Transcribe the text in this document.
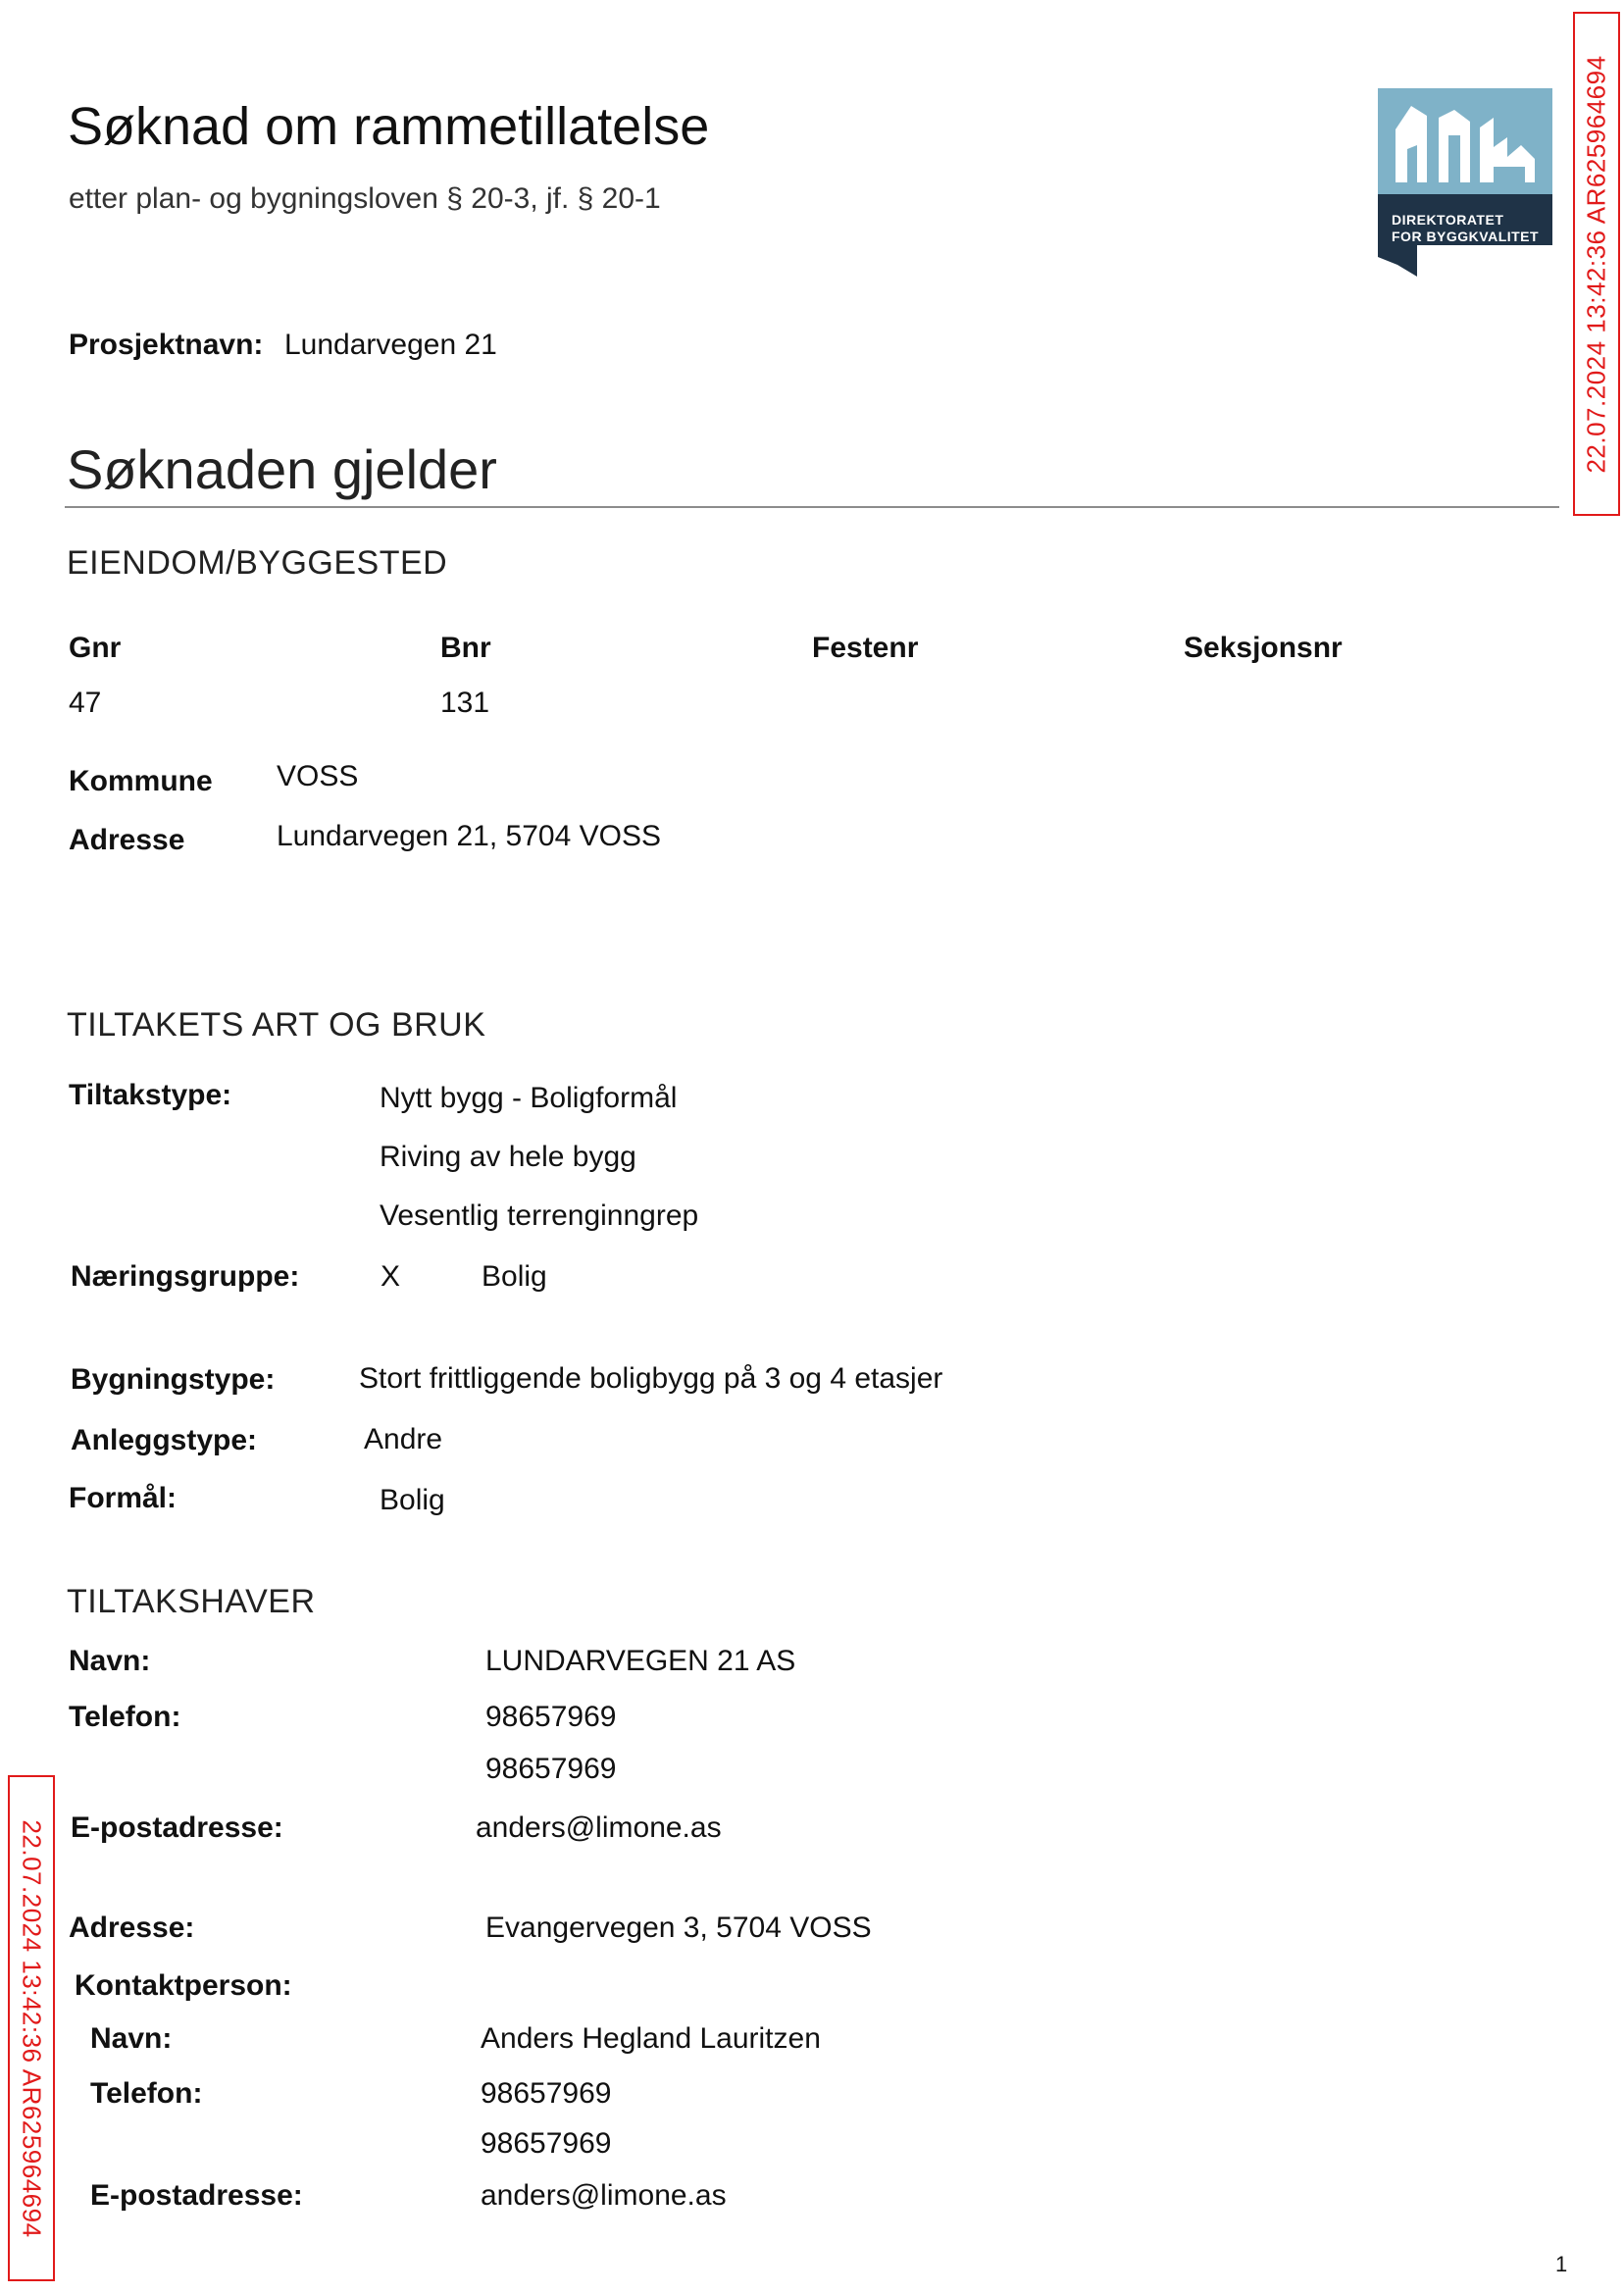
Søknad om rammetillatelse
etter plan- og bygningsloven § 20-3, jf. § 20-1
DIREKTORATET
FOR BYGGKVALITET 22.07.2024 13:42:36 AR625964694
22.07.2024 13:42:36 AR625964694
Prosjektnavn: Lundarvegen 21
Søknaden gjelder
EIENDOM/BYGGESTED
Gnr	Bnr	Festenr	Seksjonsnr
47	131
Kommune VOSS
Adresse	Lundarvegen 21, 5704 VOSS
TILTAKETS ART OG BRUK
Tiltakstype:	Nytt bygg - Boligformål
Riving av hele bygg
Vesentlig terrenginngrep
Næringsgruppe:	X	Bolig
Bygningstype:	Stort frittliggende boligbygg på 3 og 4 etasjer
Anleggstype:	Andre
Formål:	Bolig
TILTAKSHAVER
Navn:	LUNDARVEGEN 21 AS
Telefon:	98657969
98657969
E-postadresse:	anders@limone.as
Adresse:	Evangervegen 3, 5704 VOSS
Kontaktperson:
Navn:	Anders Hegland Lauritzen
Telefon:	98657969
98657969
E-postadresse:	anders@limone.as
1
